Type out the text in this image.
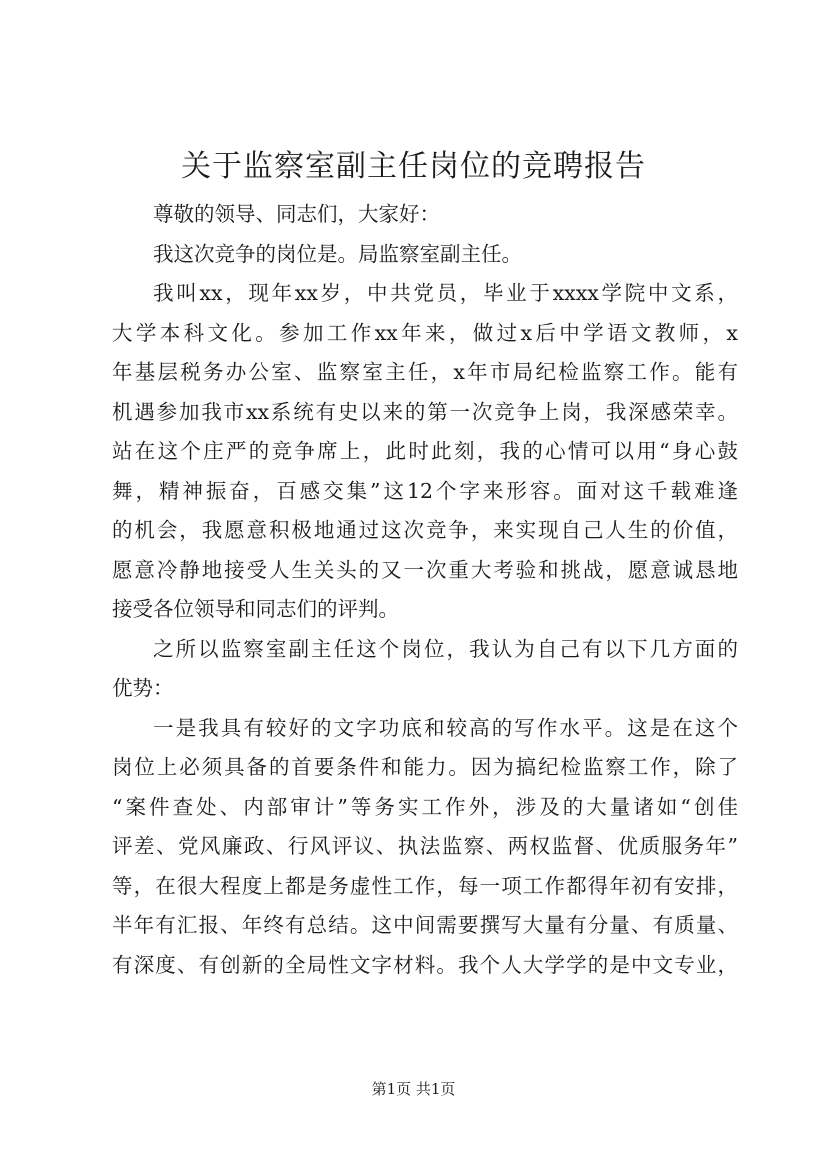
关于监察室副主任岗位的竞聘报告
尊敬的领导、同志们，大家好：
我这次竞争的岗位是。局监察室副主任。
我叫xx，现年xx岁，中共党员，毕业于xxxx学院中文系，
大学本科文化。参加工作xx年来，做过x后中学语文教师，x
年基层税务办公室、监察室主任，x年市局纪检监察工作。能有
机遇参加我市xx系统有史以来的第一次竞争上岗，我深感荣幸。
站在这个庄严的竞争席上，此时此刻，我的心情可以用“身心鼓
舞，精神振奋，百感交集”这12个字来形容。面对这千载难逢
的机会，我愿意积极地通过这次竞争，来实现自己人生的价值，
愿意冷静地接受人生关头的又一次重大考验和挑战，愿意诚恳地
接受各位领导和同志们的评判。
之所以监察室副主任这个岗位，我认为自己有以下几方面的
优势：
一是我具有较好的文字功底和较高的写作水平。这是在这个
岗位上必须具备的首要条件和能力。因为搞纪检监察工作，除了
“案件查处、内部审计”等务实工作外，涉及的大量诸如“创佳
评差、党风廉政、行风评议、执法监察、两权监督、优质服务年”
等，在很大程度上都是务虚性工作，每一项工作都得年初有安排，
半年有汇报、年终有总结。这中间需要撰写大量有分量、有质量、
有深度、有创新的全局性文字材料。我个人大学学的是中文专业，
第1页 共1页
